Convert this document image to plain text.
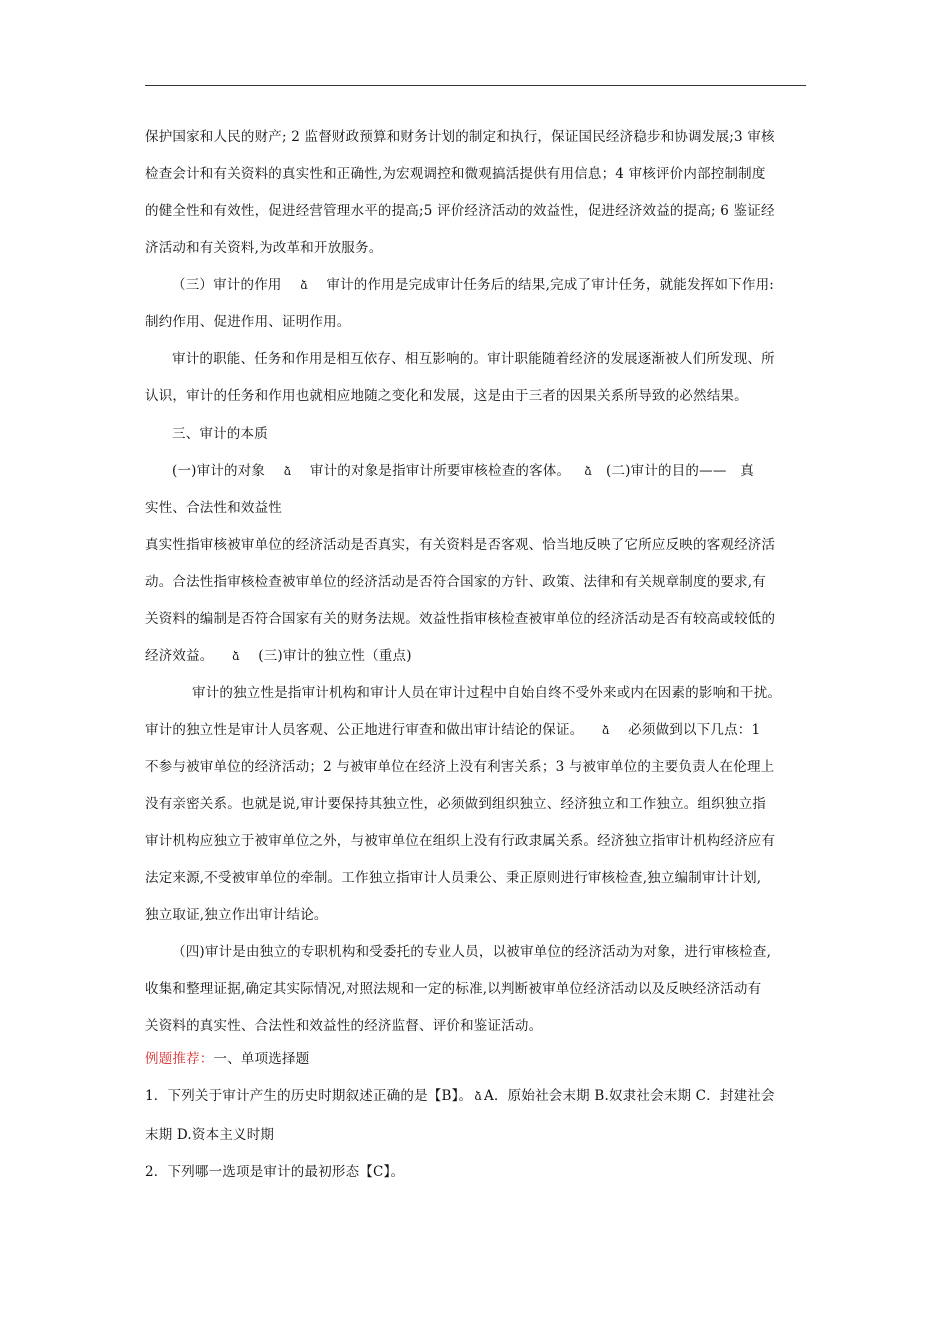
保护国家和人民的财产; 2 监督财政预算和财务计划的制定和执行，保证国民经济稳步和协调发展;3 审核
检查会计和有关资料的真实性和正确性,为宏观调控和微观搞活提供有用信息；4 审核评价内部控制制度
的健全性和有效性，促进经营管理水平的提高;5 评价经济活动的效益性，促进经济效益的提高; 6 鉴证经
济活动和有关资料,为改革和开放服务。
（三）审计的作用 ձ 审计的作用是完成审计任务后的结果,完成了审计任务，就能发挥如下作用:
制约作用、促进作用、证明作用。
审计的职能、任务和作用是相互依存、相互影响的。审计职能随着经济的发展逐渐被人们所发现、所
认识，审计的任务和作用也就相应地随之变化和发展，这是由于三者的因果关系所导致的必然结果。
三、审计的本质
(一)审计的对象 ձ 审计的对象是指审计所要审核检查的客体。 ձ (二)审计的目的——　真
实性、合法性和效益性
真实性指审核被审单位的经济活动是否真实，有关资料是否客观、恰当地反映了它所应反映的客观经济活
动。合法性指审核检查被审单位的经济活动是否符合国家的方针、政策、法律和有关规章制度的要求,有
关资料的编制是否符合国家有关的财务法规。效益性指审核检查被审单位的经济活动是否有较高或较低的
经济效益。 ձ (三)审计的独立性（重点)
审计的独立性是指审计机构和审计人员在审计过程中自始自终不受外来或内在因素的影响和干扰。
审计的独立性是审计人员客观、公正地进行审查和做出审计结论的保证。 ձ 必须做到以下几点：1
不参与被审单位的经济活动；2 与被审单位在经济上没有利害关系；3 与被审单位的主要负责人在伦理上
没有亲密关系。也就是说,审计要保持其独立性，必须做到组织独立、经济独立和工作独立。组织独立指
审计机构应独立于被审单位之外，与被审单位在组织上没有行政隶属关系。经济独立指审计机构经济应有
法定来源,不受被审单位的牵制。工作独立指审计人员秉公、秉正原则进行审核检查,独立编制审计计划,
独立取证,独立作出审计结论。
（四)审计是由独立的专职机构和受委托的专业人员，以被审单位的经济活动为对象，进行审核检查,
收集和整理证据,确定其实际情况,对照法规和一定的标准,以判断被审单位经济活动以及反映经济活动有
关资料的真实性、合法性和效益性的经济监督、评价和鉴证活动。
例题推荐：一、单项选择题
1．下列关于审计产生的历史时期叙述正确的是【B】。 ձ A．原始社会末期 B.奴隶社会末期 C．封建社会
末期 D.资本主义时期
2．下列哪一选项是审计的最初形态【C】。
